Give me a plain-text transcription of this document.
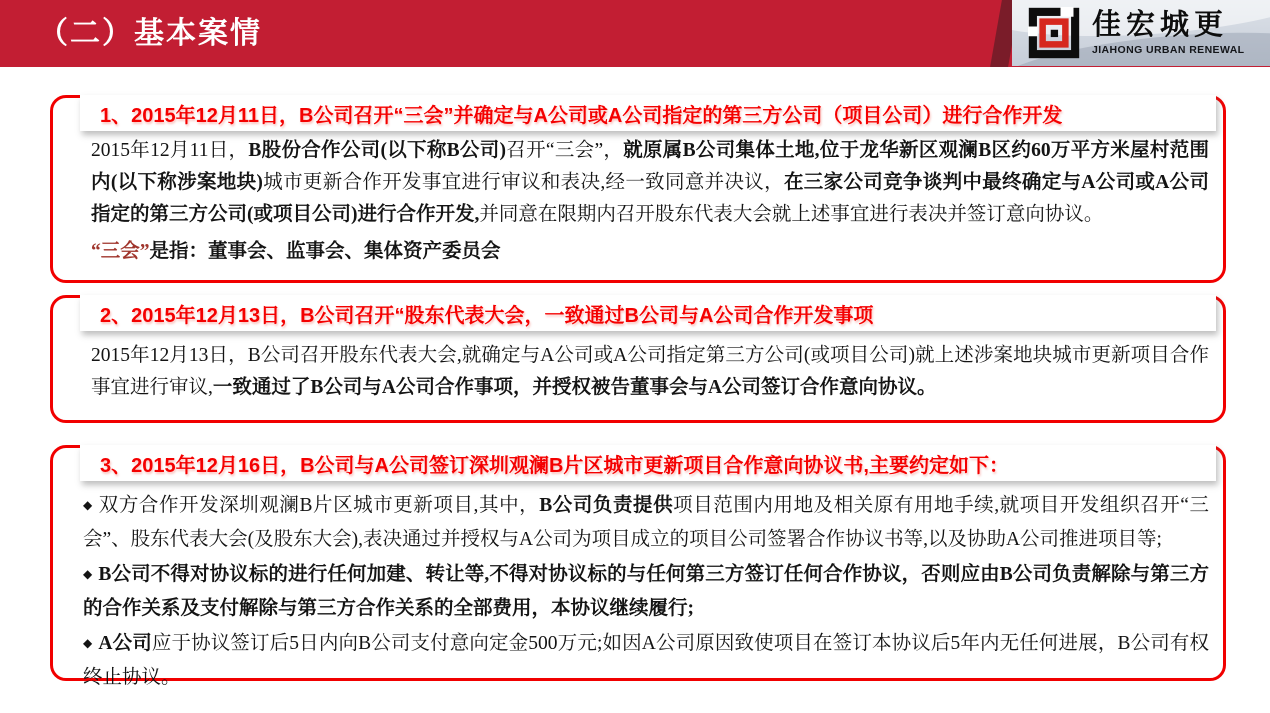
（二）基本案情	佳宏城更
JIAHONG URBAN RENEWAL
1、2015年12月11日，B公司召开“三会”并确定与A公司或A公司指定的第三方公司（项目公司）进行合作开发

2015年12月11日，B股份合作公司(以下称B公司)召开“三会”，就原属B公司集体土地,位于龙华新区观澜B区约60万平方米屋村范围内(以下称涉案地块)城市更新合作开发事宜进行审议和表决,经一致同意并决议，在三家公司竞争谈判中最终确定与A公司或A公司指定的第三方公司(或项目公司)进行合作开发,并同意在限期内召开股东代表大会就上述事宜进行表决并签订意向协议。

“三会”是指：董事会、监事会、集体资产委员会

2、2015年12月13日，B公司召开“股东代表大会，一致通过B公司与A公司合作开发事项

2015年12月13日，B公司召开股东代表大会,就确定与A公司或A公司指定第三方公司(或项目公司)就上述涉案地块城市更新项目合作事宜进行审议,一致通过了B公司与A公司合作事项，并授权被告董事会与A公司签订合作意向协议。

3、2015年12月16日，B公司与A公司签订深圳观澜B片区城市更新项目合作意向协议书,主要约定如下：

◆ 双方合作开发深圳观澜B片区城市更新项目,其中，B公司负责提供项目范围内用地及相关原有用地手续,就项目开发组织召开“三会”、股东代表大会(及股东大会),表决通过并授权与A公司为项目成立的项目公司签署合作协议书等,以及协助A公司推进项目等;

◆ B公司不得对协议标的进行任何加建、转让等,不得对协议标的与任何第三方签订任何合作协议，否则应由B公司负责解除与第三方的合作关系及支付解除与第三方合作关系的全部费用，本协议继续履行;

◆ A公司应于协议签订后5日内向B公司支付意向定金500万元;如因A公司原因致使项目在签订本协议后5年内无任何进展，B公司有权终止协议。
